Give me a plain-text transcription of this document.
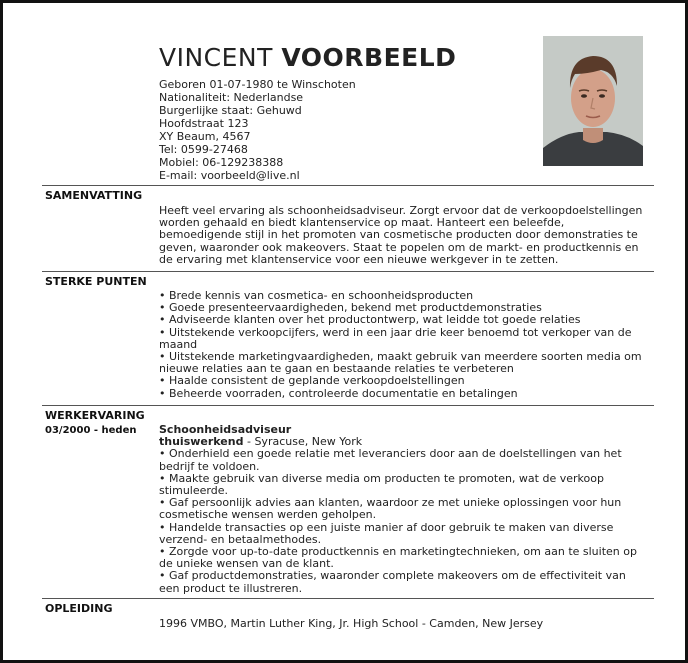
VINCENT VOORBEELD
Geboren 01-07-1980 te Winschoten
Nationaliteit: Nederlandse
Burgerlijke staat: Gehuwd
Hoofdstraat 123
XY Beaum, 4567
Tel: 0599-27468
Mobiel: 06-129238388
E-mail: voorbeeld@live.nl
SAMENVATTING

Heeft veel ervaring als schoonheidsadviseur. Zorgt ervoor dat de verkoopdoelstellingen worden gehaald en biedt klantenservice op maat. Hanteert een beleefde, bemoedigende stijl in het promoten van cosmetische producten door demonstraties te geven, waaronder ook makeovers. Staat te popelen om de markt- en productkennis en de ervaring met klantenservice voor een nieuwe werkgever in te zetten.

STERKE PUNTEN
• Brede kennis van cosmetica- en schoonheidsproducten
• Goede presenteervaardigheden, bekend met productdemonstraties
• Adviseerde klanten over het productontwerp, wat leidde tot goede relaties
• Uitstekende verkoopcijfers, werd in een jaar drie keer benoemd tot verkoper van de maand
• Uitstekende marketingvaardigheden, maakt gebruik van meerdere soorten media om nieuwe relaties aan te gaan en bestaande relaties te verbeteren
• Haalde consistent de geplande verkoopdoelstellingen
• Beheerde voorraden, controleerde documentatie en betalingen
WERKERVARING
03/2000 - heden Schoonheidsadviseur
thuiswerkend - Syracuse, New York
• Onderhield een goede relatie met leveranciers door aan de doelstellingen van het bedrijf te voldoen.
• Maakte gebruik van diverse media om producten te promoten, wat de verkoop stimuleerde.
• Gaf persoonlijk advies aan klanten, waardoor ze met unieke oplossingen voor hun cosmetische wensen werden geholpen.
• Handelde transacties op een juiste manier af door gebruik te maken van diverse verzend- en betaalmethodes.
• Zorgde voor up-to-date productkennis en marketingtechnieken, om aan te sluiten op de unieke wensen van de klant.
• Gaf productdemonstraties, waaronder complete makeovers om de effectiviteit van een product te illustreren.
OPLEIDING

1996 VMBO, Martin Luther King, Jr. High School - Camden, New Jersey
